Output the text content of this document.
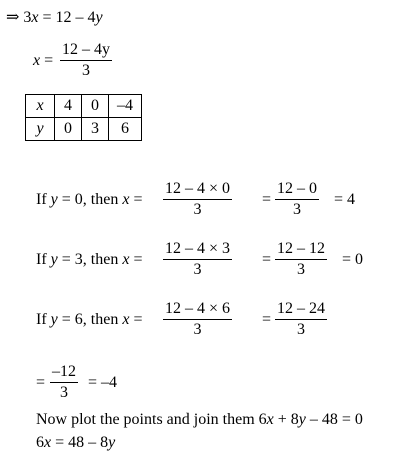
⇒ 3x = 12 – 4y
x =
12 – 4y
3
x	4	0	–4
y	0	3	6
If y = 0, then x =
12 – 4 × 0
3
=
12 – 0
3
= 4
If y = 3, then x =
12 – 4 × 3
3
=
12 – 12
3
= 0
If y = 6, then x =
12 – 4 × 6
3
=
12 – 24
3
=
–12
3
= –4
Now plot the points and join them 6x + 8y – 48 = 0
6x = 48 – 8y
